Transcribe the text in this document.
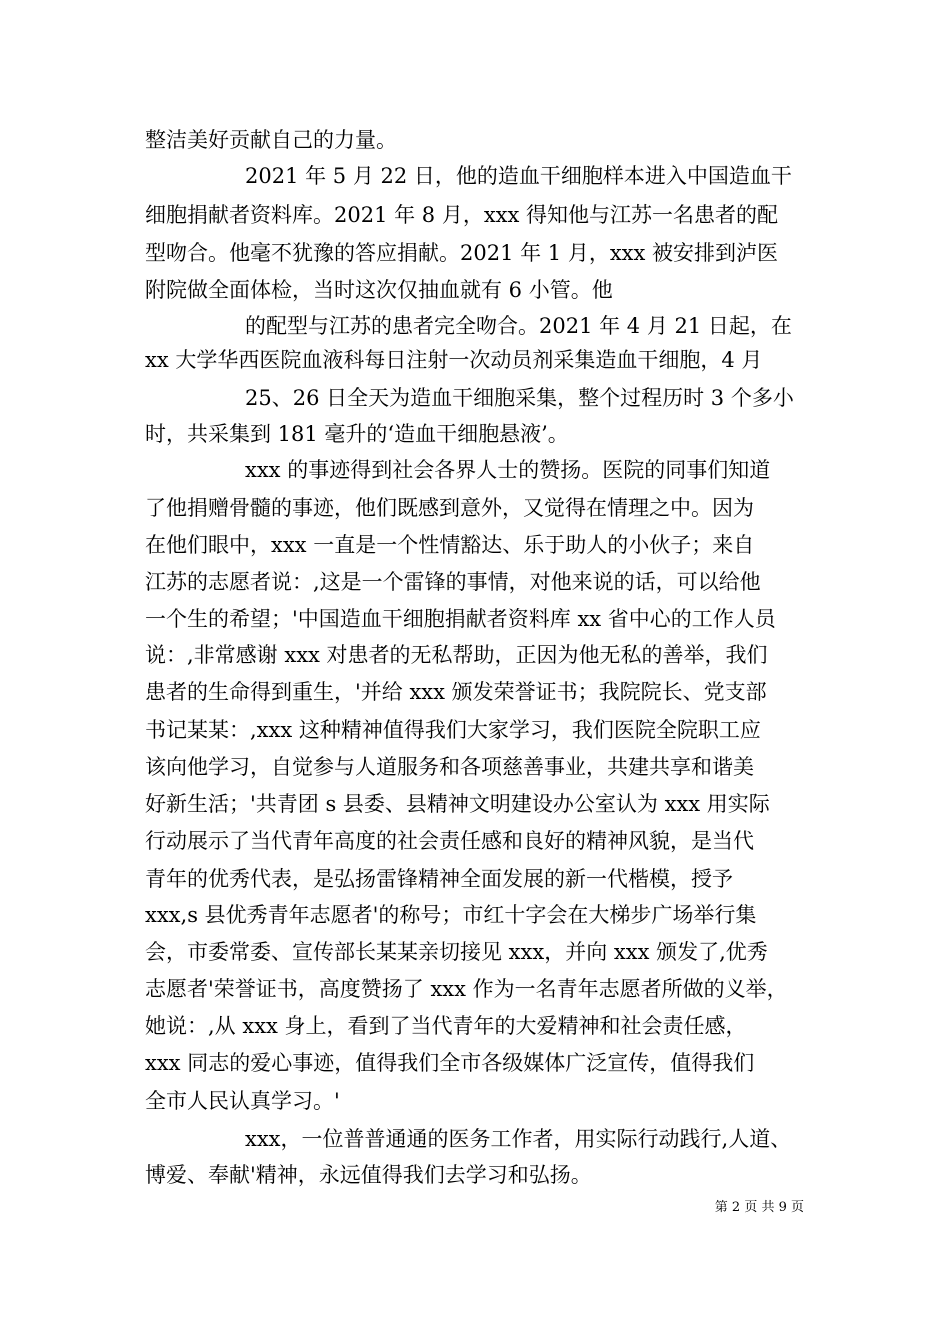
整洁美好贡献自己的力量。
2021 年 5 月 22 日，他的造血干细胞样本进入中国造血干
细胞捐献者资料库。2021 年 8 月，xxx 得知他与江苏一名患者的配
型吻合。他毫不犹豫的答应捐献。2021 年 1 月，xxx 被安排到泸医
附院做全面体检，当时这次仅抽血就有 6 小管。他
的配型与江苏的患者完全吻合。2021 年 4 月 21 日起，在
xx 大学华西医院血液科每日注射一次动员剂采集造血干细胞，4 月
25、26 日全天为造血干细胞采集，整个过程历时 3 个多小
时，共采集到 181 毫升的‘造血干细胞悬液’。
xxx 的事迹得到社会各界人士的赞扬。医院的同事们知道
了他捐赠骨髓的事迹，他们既感到意外，又觉得在情理之中。因为
在他们眼中，xxx 一直是一个性情豁达、乐于助人的小伙子；来自
江苏的志愿者说：,这是一个雷锋的事情，对他来说的话，可以给他
一个生的希望；'中国造血干细胞捐献者资料库 xx 省中心的工作人员
说：,非常感谢 xxx 对患者的无私帮助，正因为他无私的善举，我们
患者的生命得到重生，'并给 xxx 颁发荣誉证书；我院院长、党支部
书记某某：,xxx 这种精神值得我们大家学习，我们医院全院职工应
该向他学习，自觉参与人道服务和各项慈善事业，共建共享和谐美
好新生活；'共青团 s 县委、县精神文明建设办公室认为 xxx 用实际
行动展示了当代青年高度的社会责任感和良好的精神风貌，是当代
青年的优秀代表，是弘扬雷锋精神全面发展的新一代楷模，授予
xxx,s 县优秀青年志愿者'的称号；市红十字会在大梯步广场举行集
会，市委常委、宣传部长某某亲切接见 xxx，并向 xxx 颁发了,优秀
志愿者'荣誉证书，高度赞扬了 xxx 作为一名青年志愿者所做的义举，
她说：,从 xxx 身上，看到了当代青年的大爱精神和社会责任感，
xxx 同志的爱心事迹，值得我们全市各级媒体广泛宣传，值得我们
全市人民认真学习。'
xxx，一位普普通通的医务工作者，用实际行动践行,人道、
博爱、奉献'精神，永远值得我们去学习和弘扬。
第 2 页 共 9 页
